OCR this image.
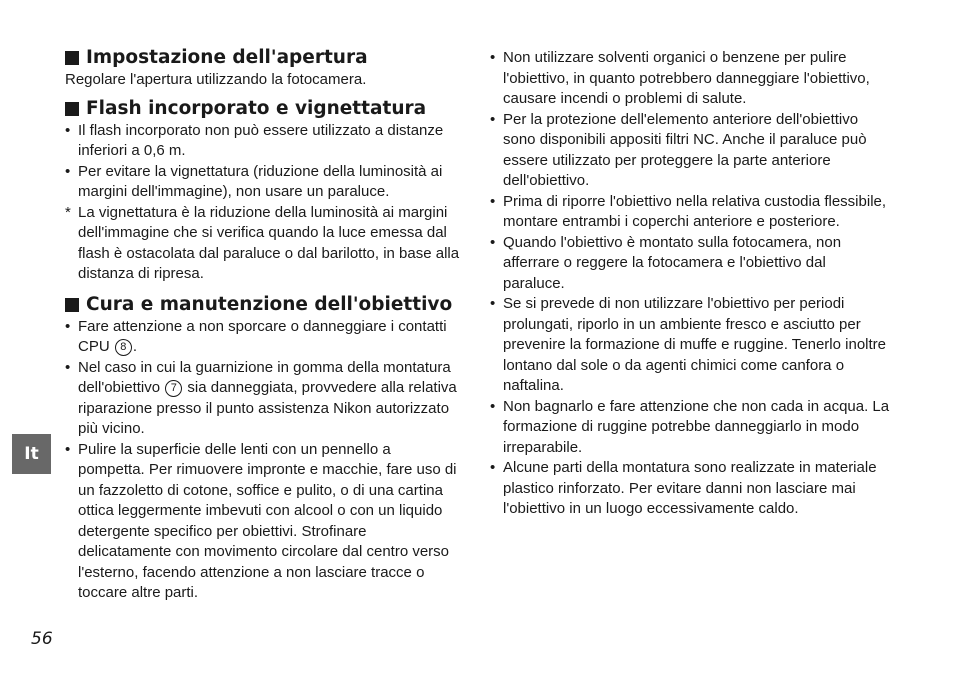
Impostazione dell'apertura

Regolare l'apertura utilizzando la fotocamera.

Flash incorporato e vignettatura
• Il flash incorporato non può essere utilizzato a distanze inferiori a 0,6 m.
• Per evitare la vignettatura (riduzione della luminosità ai margini dell'immagine), non usare un paraluce.
* La vignettatura è la riduzione della luminosità ai margini dell'immagine che si verifica quando la luce emessa dal flash è ostacolata dal paraluce o dal barilotto, in base alla distanza di ripresa.
Cura e manutenzione dell'obiettivo
• Fare attenzione a non sporcare o danneggiare i contatti CPU 8 .
• Nel caso in cui la guarnizione in gomma della montatura dell'obiettivo 7 sia danneggiata, provvedere alla relativa riparazione presso il punto assistenza Nikon autorizzato più vicino.
• Pulire la superficie delle lenti con un pennello a pompetta. Per rimuovere impronte e macchie, fare uso di un fazzoletto di cotone, soffice e pulito, o di una cartina ottica leggermente imbevuti con alcool o con un liquido detergente specifico per obiettivi. Strofinare delicatamente con movimento circolare dal centro verso l'esterno, facendo attenzione a non lasciare tracce o toccare altre parti.
• Non utilizzare solventi organici o benzene per pulire l'obiettivo, in quanto potrebbero danneggiare l'obiettivo, causare incendi o problemi di salute.
• Per la protezione dell'elemento anteriore dell'obiettivo sono disponibili appositi filtri NC. Anche il paraluce può essere utilizzato per proteggere la parte anteriore dell'obiettivo.
• Prima di riporre l'obiettivo nella relativa custodia flessibile, montare entrambi i coperchi anteriore e posteriore.
• Quando l'obiettivo è montato sulla fotocamera, non afferrare o reggere la fotocamera e l'obiettivo dal paraluce.
• Se si prevede di non utilizzare l'obiettivo per periodi prolungati, riporlo in un ambiente fresco e asciutto per prevenire la formazione di muffe e ruggine. Tenerlo inoltre lontano dal sole o da agenti chimici come canfora o naftalina.
• Non bagnarlo e fare attenzione che non cada in acqua. La formazione di ruggine potrebbe danneggiarlo in modo irreparabile.
• Alcune parti della montatura sono realizzate in materiale plastico rinforzato. Per evitare danni non lasciare mai l'obiettivo in un luogo eccessivamente caldo.
It
56
